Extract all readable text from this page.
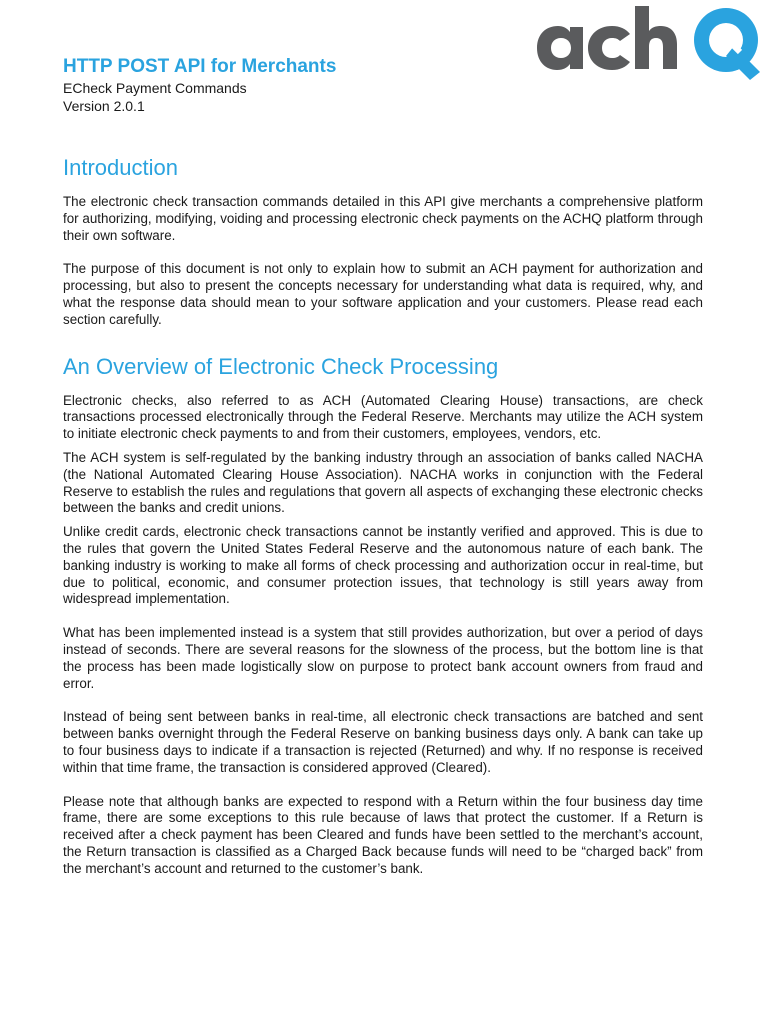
HTTP POST API for Merchants

ECheck Payment Commands

Version 2.0.1

Introduction

The electronic check transaction commands detailed in this API give merchants a comprehensive platform for authorizing, modifying, voiding and processing electronic check payments on the ACHQ platform through their own software.

The purpose of this document is not only to explain how to submit an ACH payment for authorization and processing, but also to present the concepts necessary for understanding what data is required, why, and what the response data should mean to your software application and your customers. Please read each section carefully.

An Overview of Electronic Check Processing

Electronic checks, also referred to as ACH (Automated Clearing House) transactions, are check transactions processed electronically through the Federal Reserve. Merchants may utilize the ACH system to initiate electronic check payments to and from their customers, employees, vendors, etc.

The ACH system is self-regulated by the banking industry through an association of banks called NACHA (the National Automated Clearing House Association). NACHA works in conjunction with the Federal Reserve to establish the rules and regulations that govern all aspects of exchanging these electronic checks between the banks and credit unions.

Unlike credit cards, electronic check transactions cannot be instantly verified and approved. This is due to the rules that govern the United States Federal Reserve and the autonomous nature of each bank. The banking industry is working to make all forms of check processing and authorization occur in real-time, but due to political, economic, and consumer protection issues, that technology is still years away from widespread implementation.

What has been implemented instead is a system that still provides authorization, but over a period of days instead of seconds. There are several reasons for the slowness of the process, but the bottom line is that the process has been made logistically slow on purpose to protect bank account owners from fraud and error.

Instead of being sent between banks in real-time, all electronic check transactions are batched and sent between banks overnight through the Federal Reserve on banking business days only. A bank can take up to four business days to indicate if a transaction is rejected (Returned) and why. If no response is received within that time frame, the transaction is considered approved (Cleared).

Please note that although banks are expected to respond with a Return within the four business day time frame, there are some exceptions to this rule because of laws that protect the customer. If a Return is received after a check payment has been Cleared and funds have been settled to the merchant’s account, the Return transaction is classified as a Charged Back because funds will need to be “charged back” from the merchant’s account and returned to the customer’s bank.
